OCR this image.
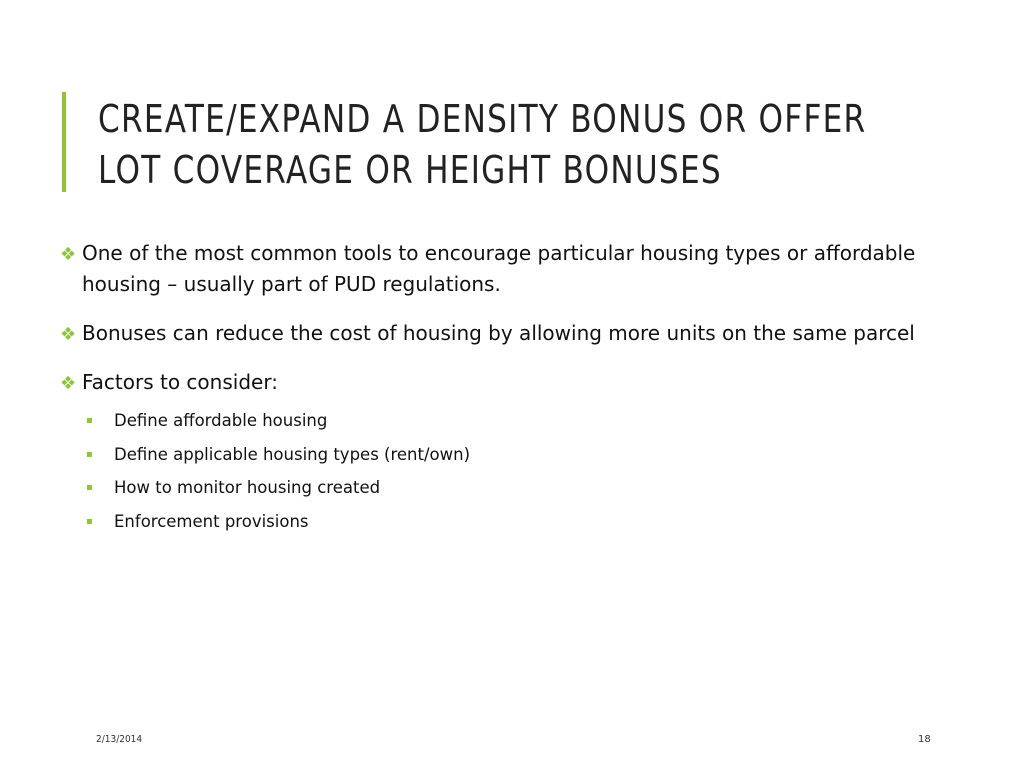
CREATE/EXPAND A DENSITY BONUS OR OFFER
LOT COVERAGE OR HEIGHT BONUSES
❖ One of the most common tools to encourage particular housing types or affordable housing – usually part of PUD regulations.
❖ Bonuses can reduce the cost of housing by allowing more units on the same parcel
❖ Factors to consider:
▪ Define affordable housing
▪ Define applicable housing types (rent/own)
▪ How to monitor housing created
▪ Enforcement provisions
2/13/2014	18
